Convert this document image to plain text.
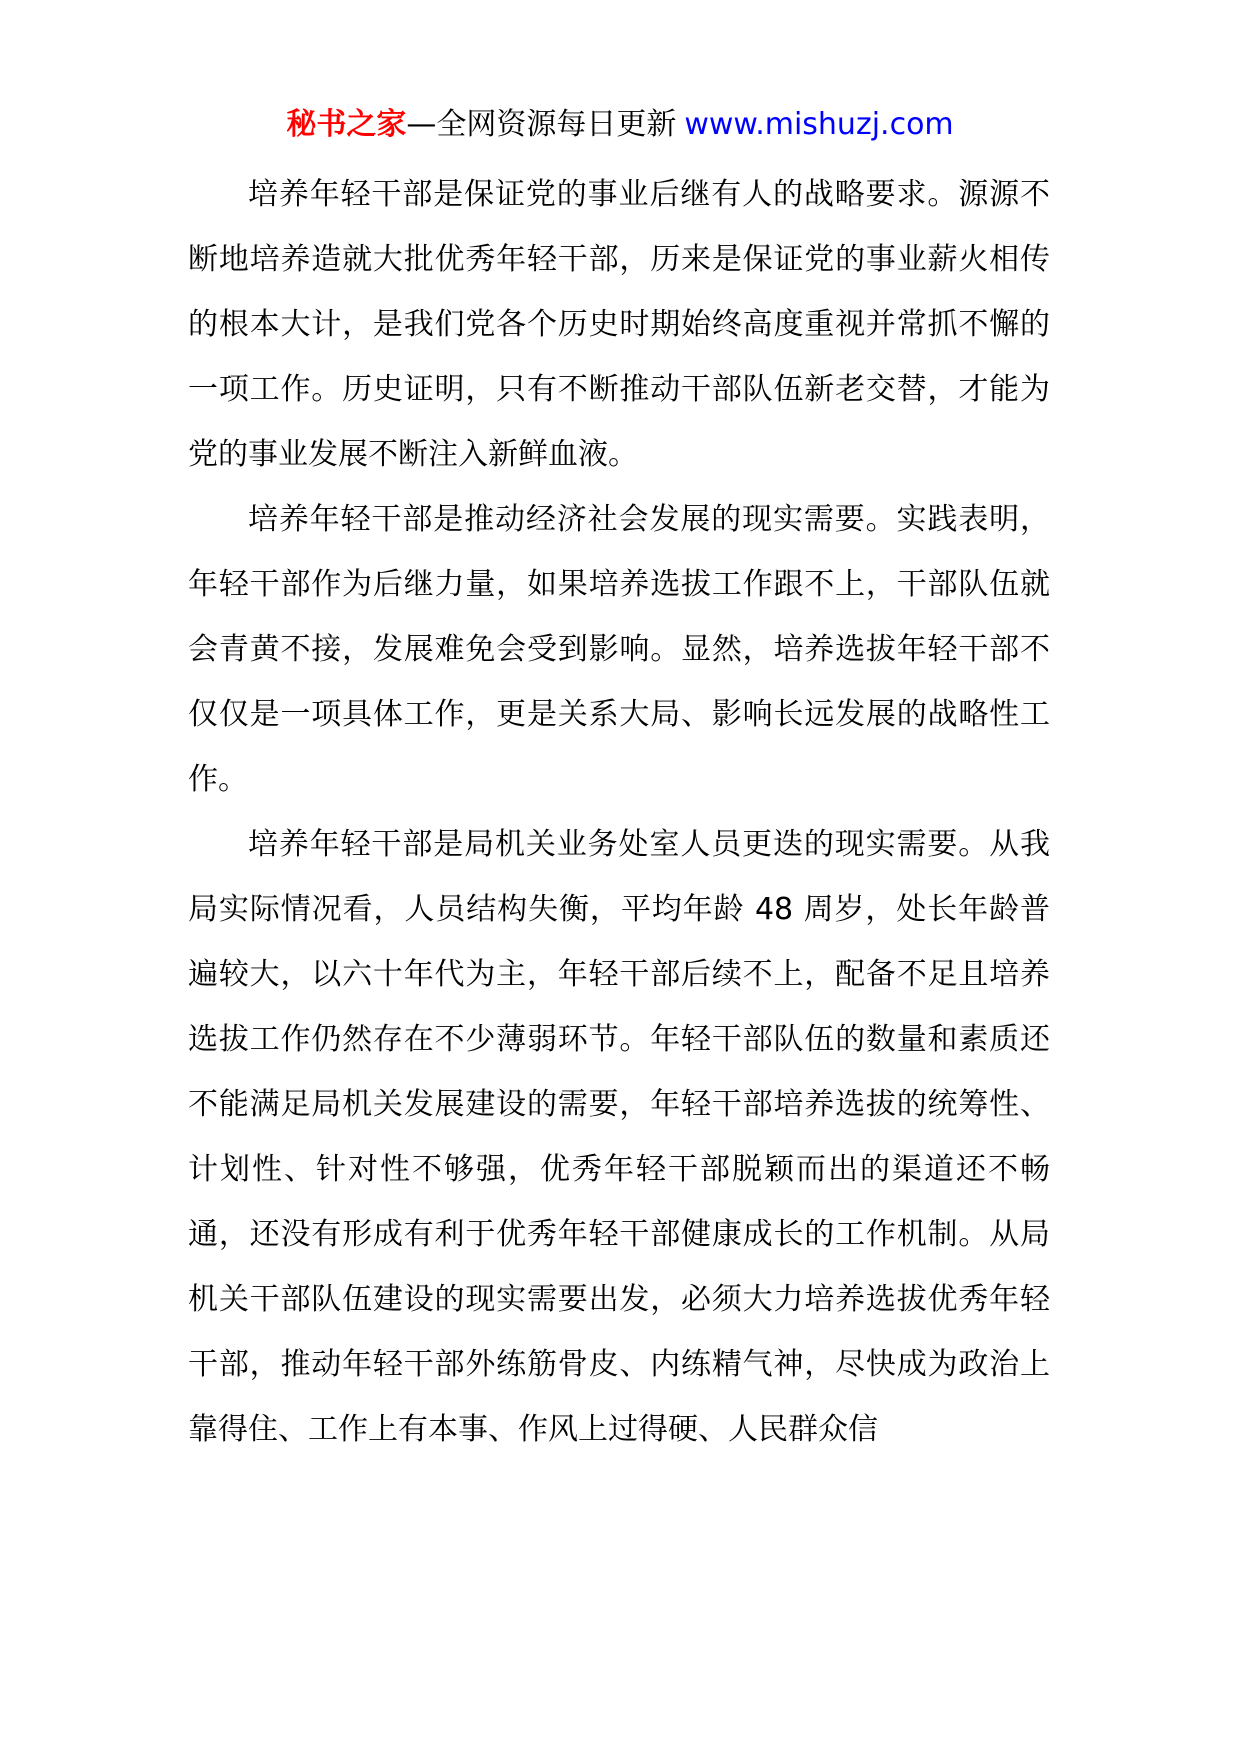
秘书之家—全网资源每日更新 www.mishuzj.com

培养年轻干部是保证党的事业后继有人的战略要求。源源不断地培养造就大批优秀年轻干部，历来是保证党的事业薪火相传的根本大计，是我们党各个历史时期始终高度重视并常抓不懈的一项工作。历史证明，只有不断推动干部队伍新老交替，才能为党的事业发展不断注入新鲜血液。

培养年轻干部是推动经济社会发展的现实需要。实践表明，年轻干部作为后继力量，如果培养选拔工作跟不上，干部队伍就会青黄不接，发展难免会受到影响。显然，培养选拔年轻干部不仅仅是一项具体工作，更是关系大局、影响长远发展的战略性工作。

培养年轻干部是局机关业务处室人员更迭的现实需要。从我局实际情况看，人员结构失衡，平均年龄 48 周岁，处长年龄普遍较大，以六十年代为主，年轻干部后续不上，配备不足且培养选拔工作仍然存在不少薄弱环节。年轻干部队伍的数量和素质还不能满足局机关发展建设的需要，年轻干部培养选拔的统筹性、计划性、针对性不够强，优秀年轻干部脱颖而出的渠道还不畅通，还没有形成有利于优秀年轻干部健康成长的工作机制。从局机关干部队伍建设的现实需要出发，必须大力培养选拔优秀年轻干部，推动年轻干部外练筋骨皮、内练精气神，尽快成为政治上靠得住、工作上有本事、作风上过得硬、人民群众信
